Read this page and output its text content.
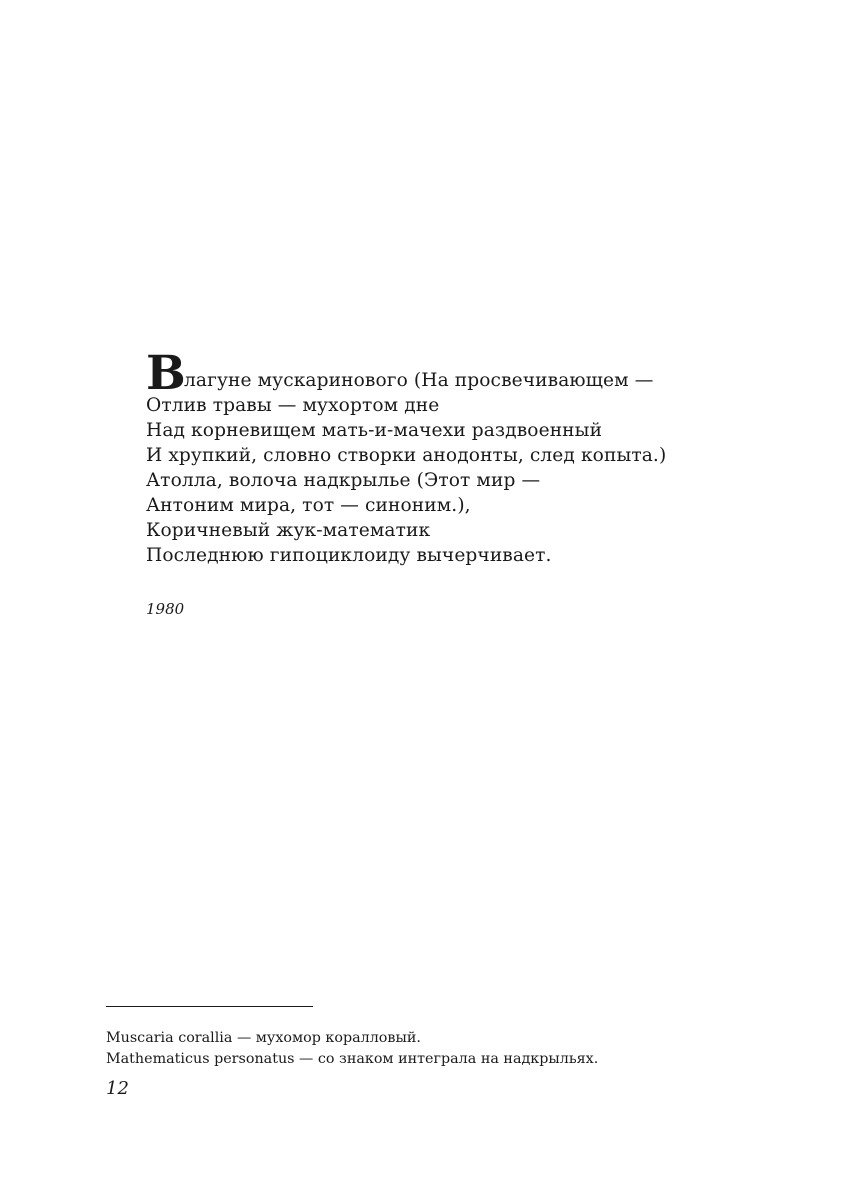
В
лагуне мускаринового (На просвечивающем —
Отлив травы — мухортом дне
Над корневищем мать-и-мачехи раздвоенный
И хрупкий, словно створки анодонты, след копыта.)
Атолла, волоча надкрылье (Этот мир —
Антоним мира, тот — синоним.),
Коричневый жук-математик
Последнюю гипоциклоиду вычерчивает.
1980
Muscaria corallia — мухомор коралловый.
Mathematicus personatus — со знаком интеграла на надкрыльях.
12
